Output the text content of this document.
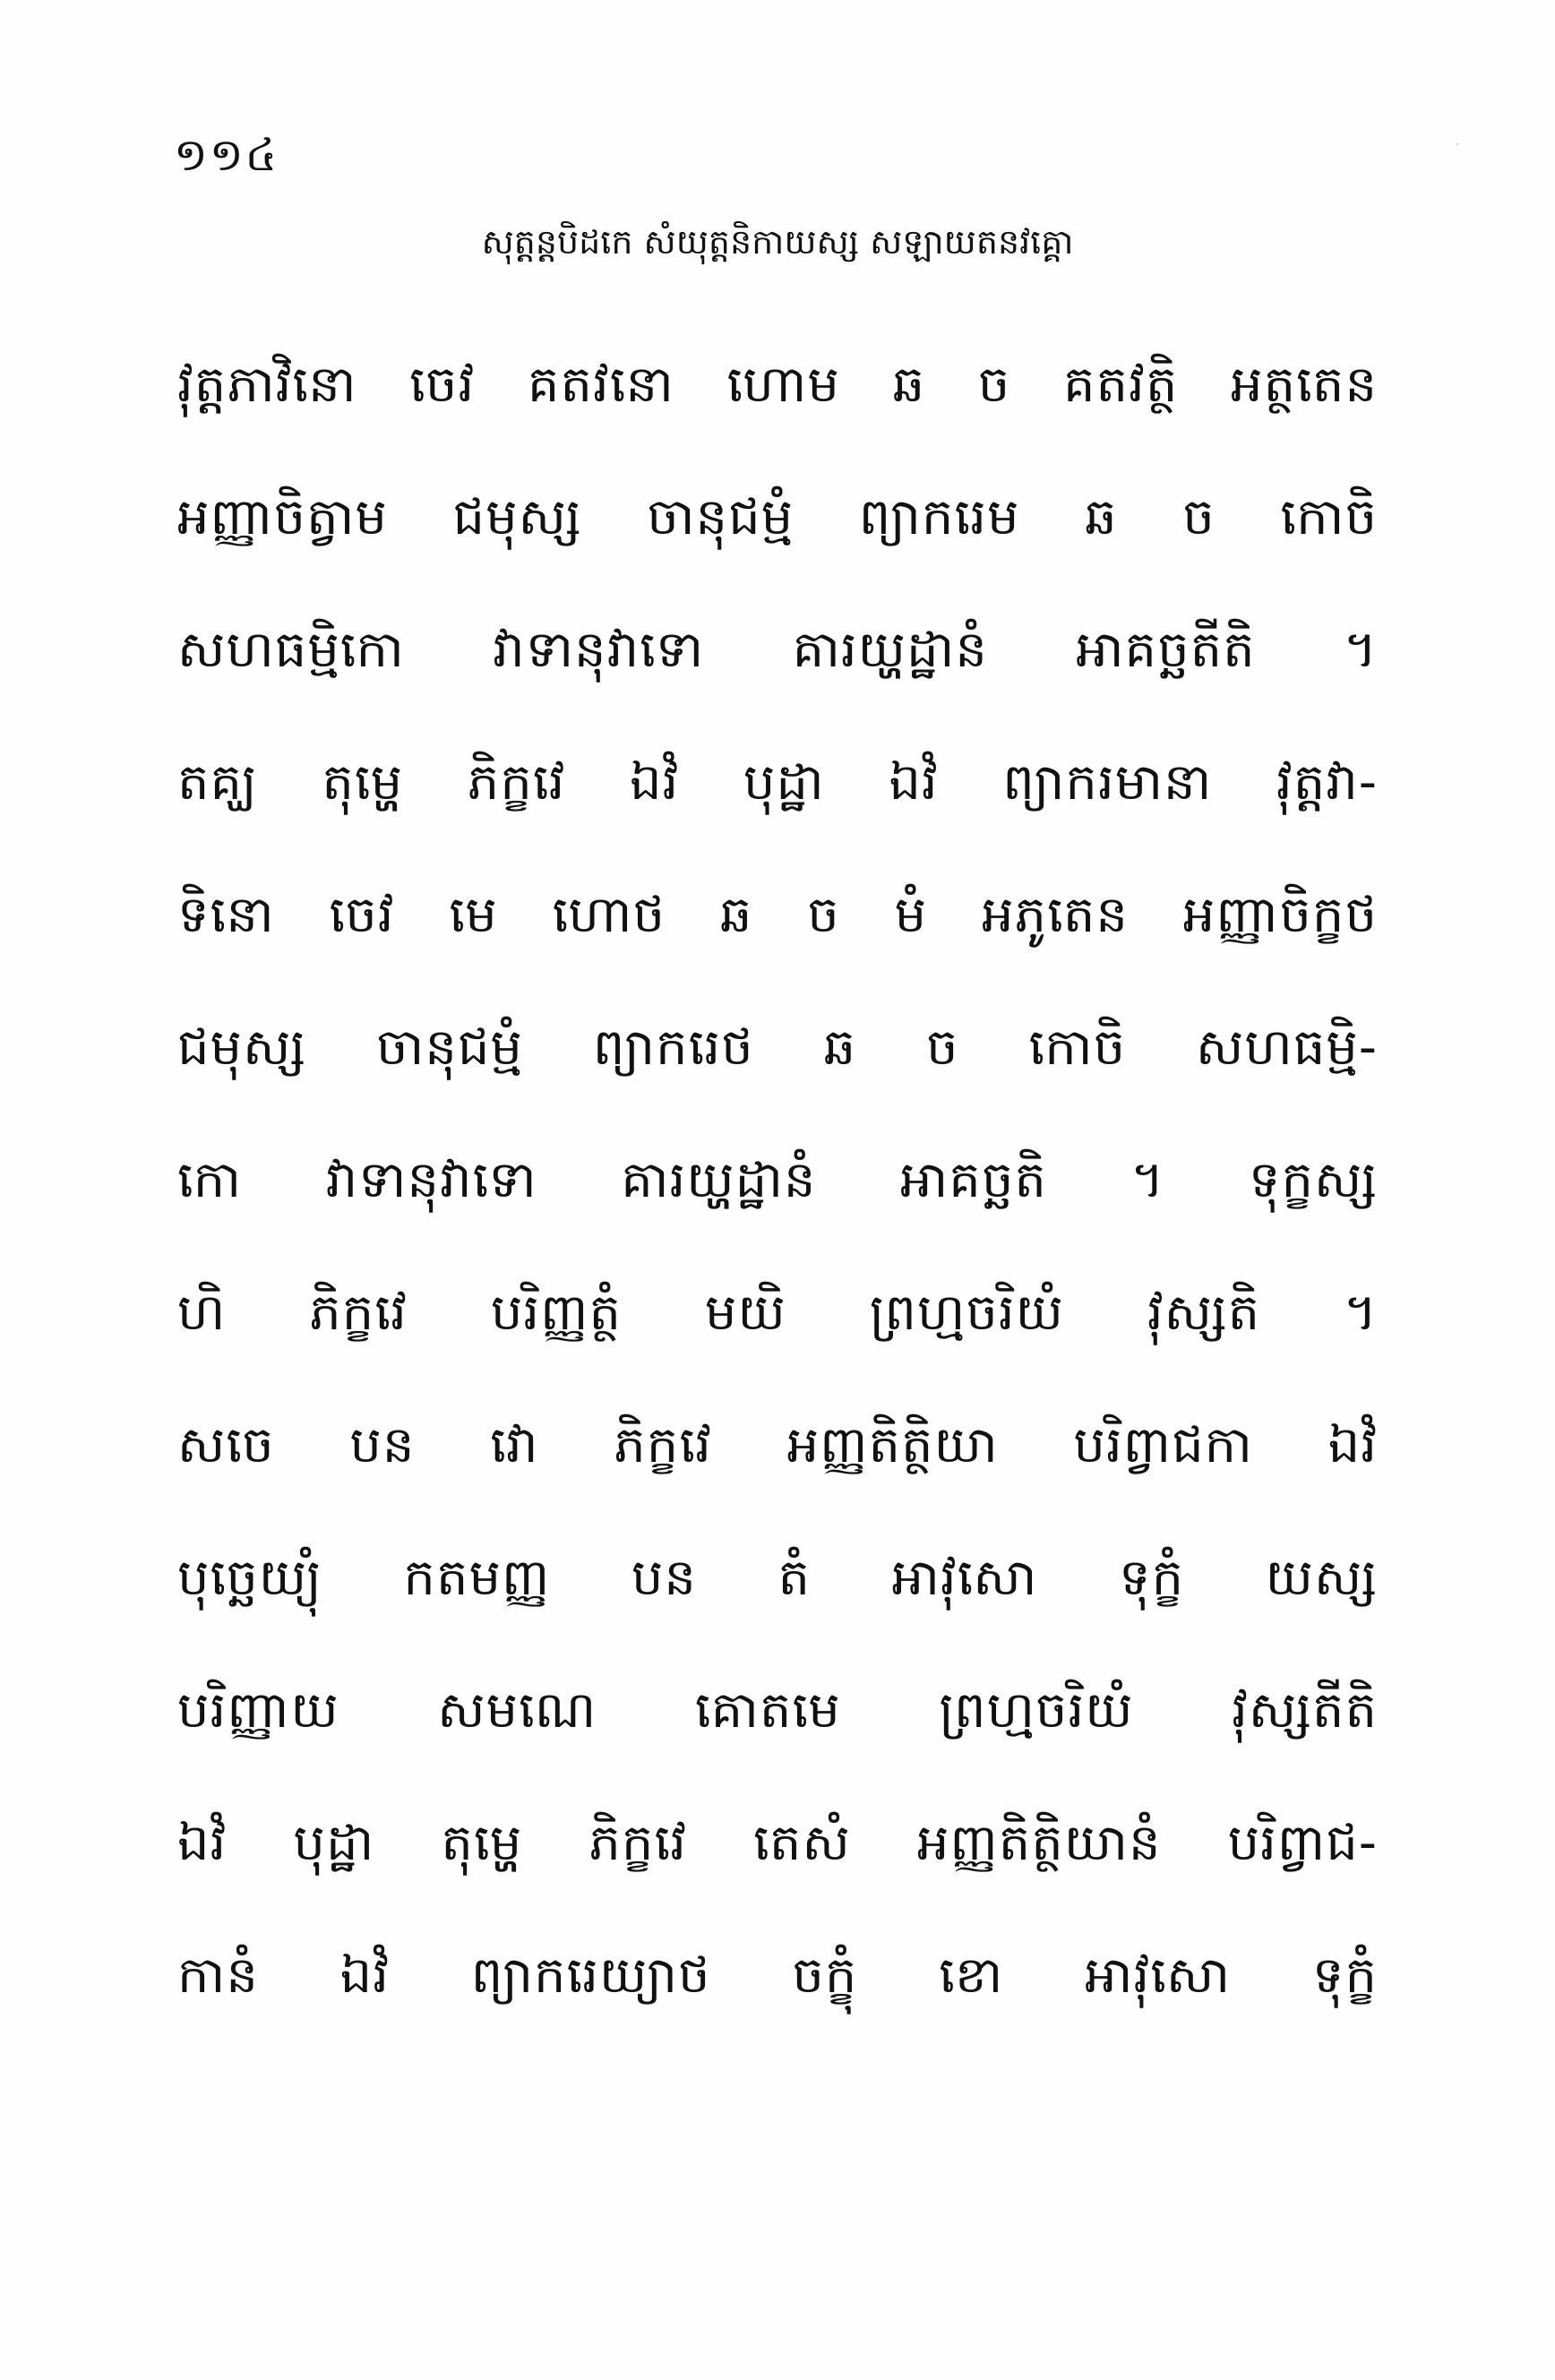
១១៤
សុត្តន្តបិដកេ សំយុត្តនិកាយស្ស សឡាយតនវគ្គោ
វុត្តភាវិនោ ចេវ គតវនោ ហោម ឆ ច គតវត្ថិ អត្ថតេន
អញ្ញាចិត្វាម ជមុស្ស ចានុជម្មំ ព្យាករេម ឆ ច កោចិ
សហធម្មិកោ វាទានុវាទោ គារយ្ហដ្ឋានំ អាគច្ឆតីតិ ។
តគ្ឃ តុម្ហេ ភិក្ខវេ ឯវំ បុដ្ឋា ឯវំ ព្យាករមានា វុត្តវា-
ទិនោ ចេវ មេ ហោថ ឆ ច មំ អភូតេន អញ្ញាចិក្ខថ
ជមុស្ស ចានុជម្មំ ព្យាករេថ ឆ ច កោចិ សហធម្មិ-
កោ វាទានុវាទោ គារយ្ហដ្ឋានំ អាគច្ឆតិ ។ ទុក្ខស្ស
ហិ ភិក្ខវេ បរិញ្ញត្ថំ មយិ ព្រហ្មចរិយំ វុស្សតិ ។
សចេ បន វោ ភិក្ខវេ អញ្ញតិត្ថិយា បរិព្វាជកា ឯវំ
បុច្ឆេយ្យុំ កតមញ្ញ បន តំ អាវុសោ ទុក្ខំ យស្ស
បរិញ្ញាយ សមណេ គោតមេ ព្រហ្មចរិយំ វុស្សតីតិ
ឯវំ បុដ្ឋា តុម្ហេ ភិក្ខវេ តេសំ អញ្ញតិត្ថិយានំ បរិព្វាជ-
កានំ ឯវំ ព្យាករេយ្យាថ ចក្ខុំ ខោ អាវុសោ ទុក្ខំ
